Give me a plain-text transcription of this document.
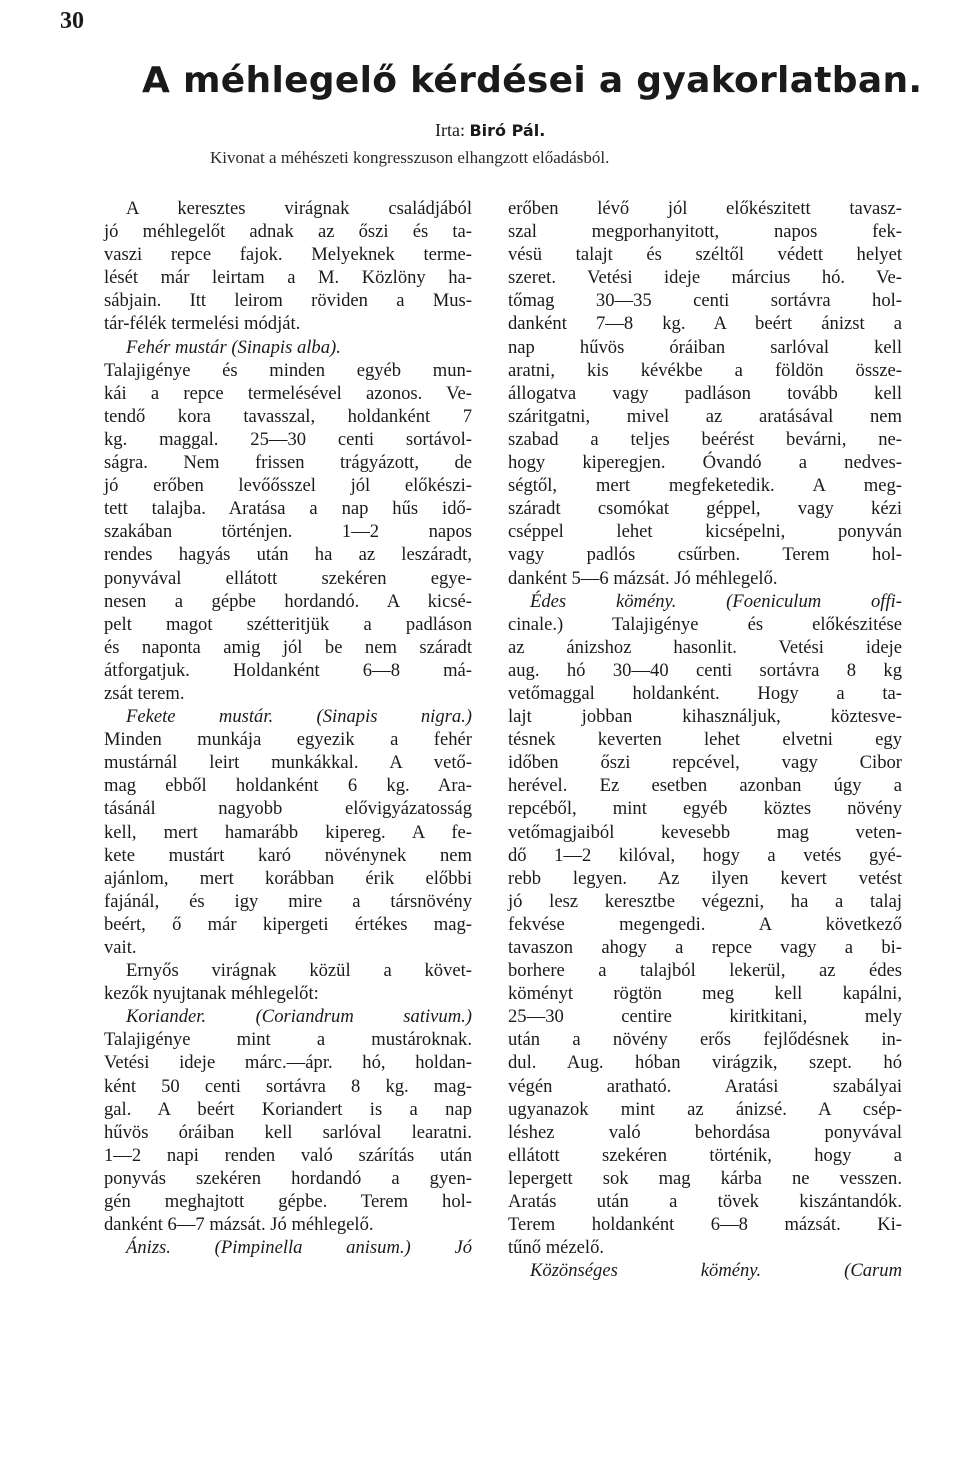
30
A méhlegelő kérdései a gyakorlatban.
Irta: Biró Pál.
Kivonat a méhészeti kongresszuson elhangzott előadásból.
A keresztes virágnak családjából
jó méhlegelőt adnak az őszi és ta-
vaszi repce fajok. Melyeknek terme-
lését már leirtam a M. Közlöny ha-
sábjain. Itt leirom röviden a Mus-
tár-félék termelési módját.
Fehér mustár (Sinapis alba).
Talajigénye és minden egyéb mun-
kái a repce termelésével azonos. Ve-
tendő kora tavasszal, holdanként 7
kg. maggal. 25—30 centi sortávol-
ságra. Nem frissen trágyázott, de
jó erőben levőősszel jól előkészi-
tett talajba. Aratása a nap hűs idő-
szakában történjen. 1—2 napos
rendes hagyás után ha az leszáradt,
ponyvával ellátott szekéren egye-
nesen a gépbe hordandó. A kicsé-
pelt magot szétteritjük a padláson
és naponta amig jól be nem száradt
átforgatjuk. Holdanként 6—8 má-
zsát terem.
Fekete mustár. (Sinapis nigra.)
Minden munkája egyezik a fehér
mustárnál leirt munkákkal. A vető-
mag ebből holdanként 6 kg. Ara-
tásánál nagyobb elővigyázatosság
kell, mert hamarább kipereg. A fe-
kete mustárt karó növénynek nem
ajánlom, mert korábban érik előbbi
fajánál, és igy mire a társnövény
beért, ő már kipergeti értékes mag-
vait.
Ernyős virágnak közül a követ-
kezők nyujtanak méhlegelőt:
Koriander. (Coriandrum sativum.)
Talajigénye mint a mustároknak.
Vetési ideje márc.—ápr. hó, holdan-
ként 50 centi sortávra 8 kg. mag-
gal. A beért Koriandert is a nap
hűvös óráiban kell sarlóval learatni.
1—2 napi renden való szárítás után
ponyvás szekéren hordandó a gyen-
gén meghajtott gépbe. Terem hol-
danként 6—7 mázsát. Jó méhlegelő.
Ánizs. (Pimpinella anisum.) Jó
erőben lévő jól előkészitett tavasz-
szal megporhanyitott, napos fek-
vésü talajt és széltől védett helyet
szeret. Vetési ideje március hó. Ve-
tőmag 30—35 centi sortávra hol-
danként 7—8 kg. A beért ánizst a
nap hűvös óráiban sarlóval kell
aratni, kis kévékbe a földön össze-
állogatva vagy padláson tovább kell
száritgatni, mivel az aratásával nem
szabad a teljes beérést bevárni, ne-
hogy kiperegjen. Óvandó a nedves-
ségtől, mert megfeketedik. A meg-
száradt csomókat géppel, vagy kézi
cséppel lehet kicsépelni, ponyván
vagy padlós csűrben. Terem hol-
danként 5—6 mázsát. Jó méhlegelő.
Édes kömény. (Foeniculum offi-
cinale.) Talajigénye és előkészitése
az ánizshoz hasonlit. Vetési ideje
aug. hó 30—40 centi sortávra 8 kg
vetőmaggal holdanként. Hogy a ta-
lajt jobban kihasználjuk, köztesve-
tésnek keverten lehet elvetni egy
időben őszi repcével, vagy Cibor
herével. Ez esetben azonban úgy a
repcéből, mint egyéb köztes növény
vetőmagjaiból kevesebb mag veten-
dő 1—2 kilóval, hogy a vetés gyé-
rebb legyen. Az ilyen kevert vetést
jó lesz keresztbe végezni, ha a talaj
fekvése megengedi. A következő
tavaszon ahogy a repce vagy a bi-
borhere a talajból lekerül, az édes
köményt rögtön meg kell kapálni,
25—30 centire kiritkitani, mely
után a növény erős fejlődésnek in-
dul. Aug. hóban virágzik, szept. hó
végén aratható. Aratási szabályai
ugyanazok mint az ánizsé. A csép-
léshez való behordása ponyvával
ellátott szekéren történik, hogy a
lepergett sok mag kárba ne vesszen.
Aratás után a tövek kiszántandók.
Terem holdanként 6—8 mázsát. Ki-
tűnő mézelő.
Közönséges kömény. (Carum
